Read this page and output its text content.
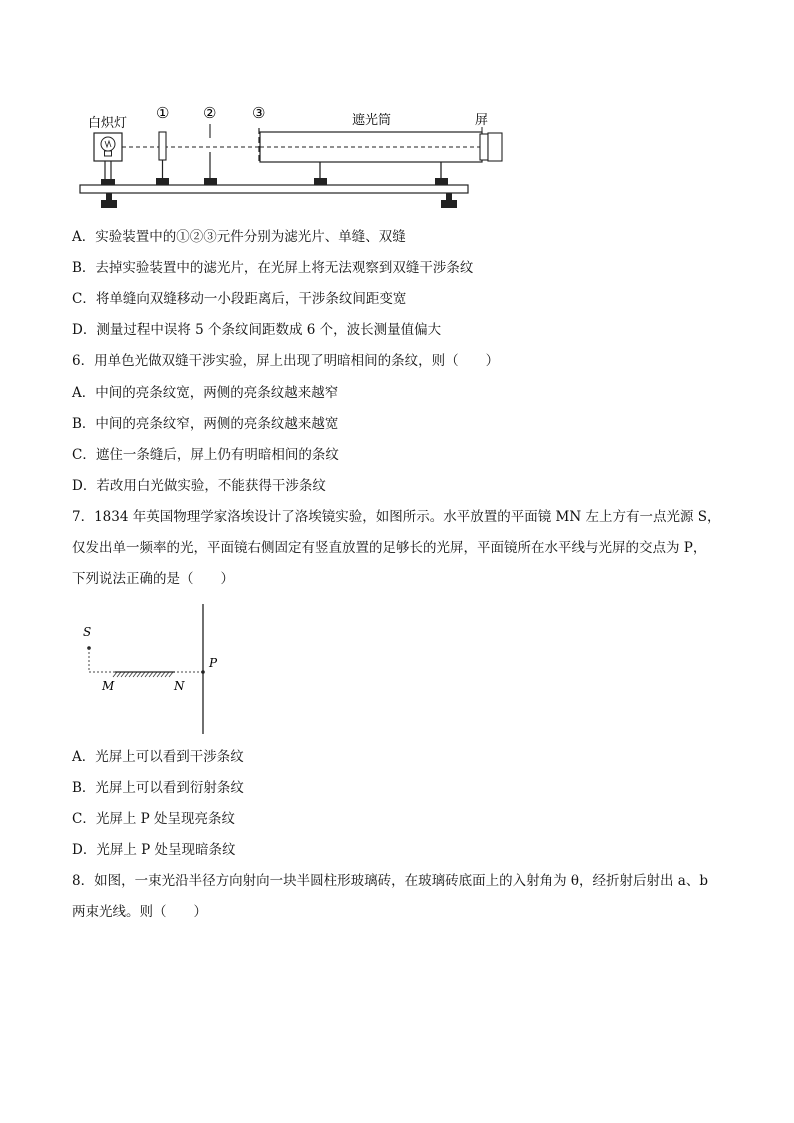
白炽灯
① ② ③	遮光筒	屏
A．实验装置中的①②③元件分别为滤光片、单缝、双缝
B．去掉实验装置中的滤光片，在光屏上将无法观察到双缝干涉条纹
C．将单缝向双缝移动一小段距离后，干涉条纹间距变宽
D．测量过程中误将 5 个条纹间距数成 6 个，波长测量值偏大
6．用单色光做双缝干涉实验，屏上出现了明暗相间的条纹，则（　　）
A．中间的亮条纹宽，两侧的亮条纹越来越窄
B．中间的亮条纹窄，两侧的亮条纹越来越宽
C．遮住一条缝后，屏上仍有明暗相间的条纹
D．若改用白光做实验，不能获得干涉条纹
7．1834 年英国物理学家洛埃设计了洛埃镜实验，如图所示。水平放置的平面镜 MN 左上方有一点光源 S，
仅发出单一频率的光，平面镜右侧固定有竖直放置的足够长的光屏，平面镜所在水平线与光屏的交点为 P，
下列说法正确的是（　　）
S
M	N
P
A．光屏上可以看到干涉条纹
B．光屏上可以看到衍射条纹
C．光屏上 P 处呈现亮条纹
D．光屏上 P 处呈现暗条纹
8．如图，一束光沿半径方向射向一块半圆柱形玻璃砖，在玻璃砖底面上的入射角为 θ，经折射后射出 a、b
两束光线。则（　　）
